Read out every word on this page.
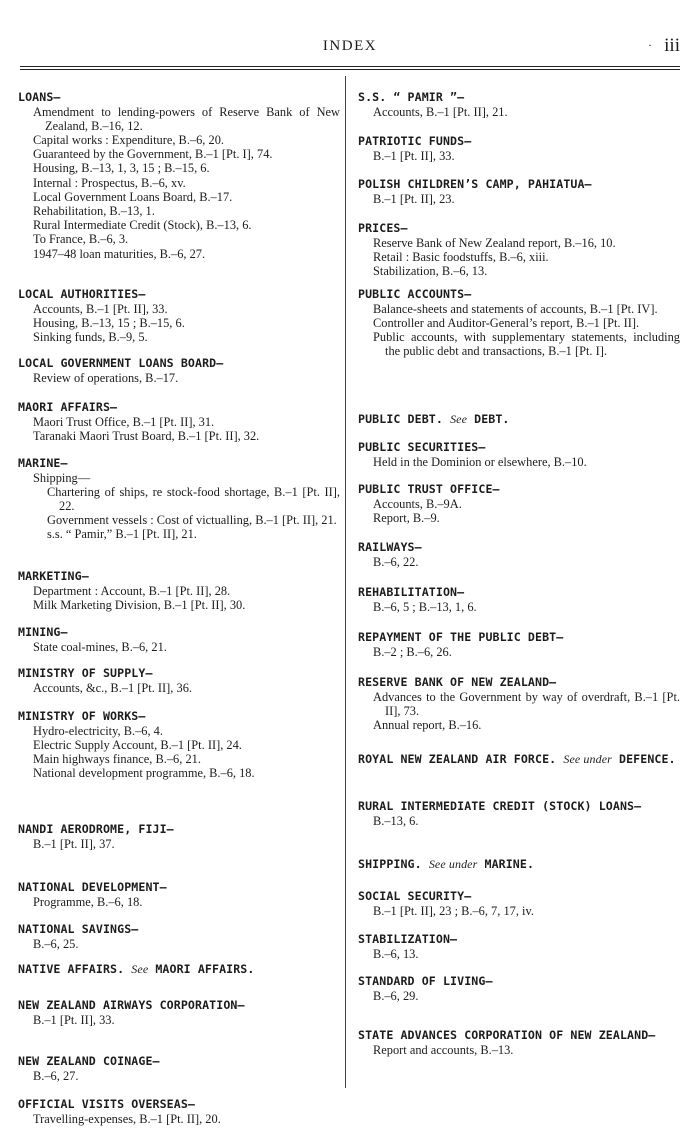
INDEX	· iii
LOANS—
Amendment to lending-powers of Reserve Bank of New Zealand, B.–16, 12.
Capital works : Expenditure, B.–6, 20.
Guaranteed by the Government, B.–1 [Pt. I], 74.
Housing, B.–13, 1, 3, 15 ; B.–15, 6.
Internal : Prospectus, B.–6, xv.
Local Government Loans Board, B.–17.
Rehabilitation, B.–13, 1.
Rural Intermediate Credit (Stock), B.–13, 6.
To France, B.–6, 3.
1947–48 loan maturities, B.–6, 27.
LOCAL AUTHORITIES—
Accounts, B.–1 [Pt. II], 33.
Housing, B.–13, 15 ; B.–15, 6.
Sinking funds, B.–9, 5.
LOCAL GOVERNMENT LOANS BOARD—
Review of operations, B.–17.
MAORI AFFAIRS—
Maori Trust Office, B.–1 [Pt. II], 31.
Taranaki Maori Trust Board, B.–1 [Pt. II], 32.
MARINE—
Shipping—
Chartering of ships, re stock-food shortage, B.–1 [Pt. II], 22.
Government vessels : Cost of victualling, B.–1 [Pt. II], 21.
s.s. “ Pamir,” B.–1 [Pt. II], 21.
MARKETING—
Department : Account, B.–1 [Pt. II], 28.
Milk Marketing Division, B.–1 [Pt. II], 30.
MINING—
State coal-mines, B.–6, 21.
MINISTRY OF SUPPLY—
Accounts, &c., B.–1 [Pt. II], 36.
MINISTRY OF WORKS—
Hydro-electricity, B.–6, 4.
Electric Supply Account, B.–1 [Pt. II], 24.
Main highways finance, B.–6, 21.
National development programme, B.–6, 18.
NANDI AERODROME, FIJI—
B.–1 [Pt. II], 37.
NATIONAL DEVELOPMENT—
Programme, B.–6, 18.
NATIONAL SAVINGS—
B.–6, 25.
NATIVE AFFAIRS. See MAORI AFFAIRS.
NEW ZEALAND AIRWAYS CORPORATION—
B.–1 [Pt. II], 33.
NEW ZEALAND COINAGE—
B.–6, 27.
OFFICIAL VISITS OVERSEAS—
Travelling-expenses, B.–1 [Pt. II], 20.
S.S. “ PAMIR ”—
Accounts, B.–1 [Pt. II], 21.
PATRIOTIC FUNDS—
B.–1 [Pt. II], 33.
POLISH CHILDREN’S CAMP, PAHIATUA—
B.–1 [Pt. II], 23.
PRICES—
Reserve Bank of New Zealand report, B.–16, 10.
Retail : Basic foodstuffs, B.–6, xiii.
Stabilization, B.–6, 13.
PUBLIC ACCOUNTS—
Balance-sheets and statements of accounts, B.–1 [Pt. IV].
Controller and Auditor-General’s report, B.–1 [Pt. II].
Public accounts, with supplementary statements, including the public debt and transactions, B.–1 [Pt. I].
PUBLIC DEBT. See DEBT.
PUBLIC SECURITIES—
Held in the Dominion or elsewhere, B.–10.
PUBLIC TRUST OFFICE—
Accounts, B.–9A.
Report, B.–9.
RAILWAYS—
B.–6, 22.
REHABILITATION—
B.–6, 5 ; B.–13, 1, 6.
REPAYMENT OF THE PUBLIC DEBT—
B.–2 ; B.–6, 26.
RESERVE BANK OF NEW ZEALAND—
Advances to the Government by way of overdraft, B.–1 [Pt. II], 73.
Annual report, B.–16.
ROYAL NEW ZEALAND AIR FORCE. See under DEFENCE.
RURAL INTERMEDIATE CREDIT (STOCK) LOANS—
B.–13, 6.
SHIPPING. See under MARINE.
SOCIAL SECURITY—
B.–1 [Pt. II], 23 ; B.–6, 7, 17, iv.
STABILIZATION—
B.–6, 13.
STANDARD OF LIVING—
B.–6, 29.
STATE ADVANCES CORPORATION OF NEW ZEALAND—
Report and accounts, B.–13.
